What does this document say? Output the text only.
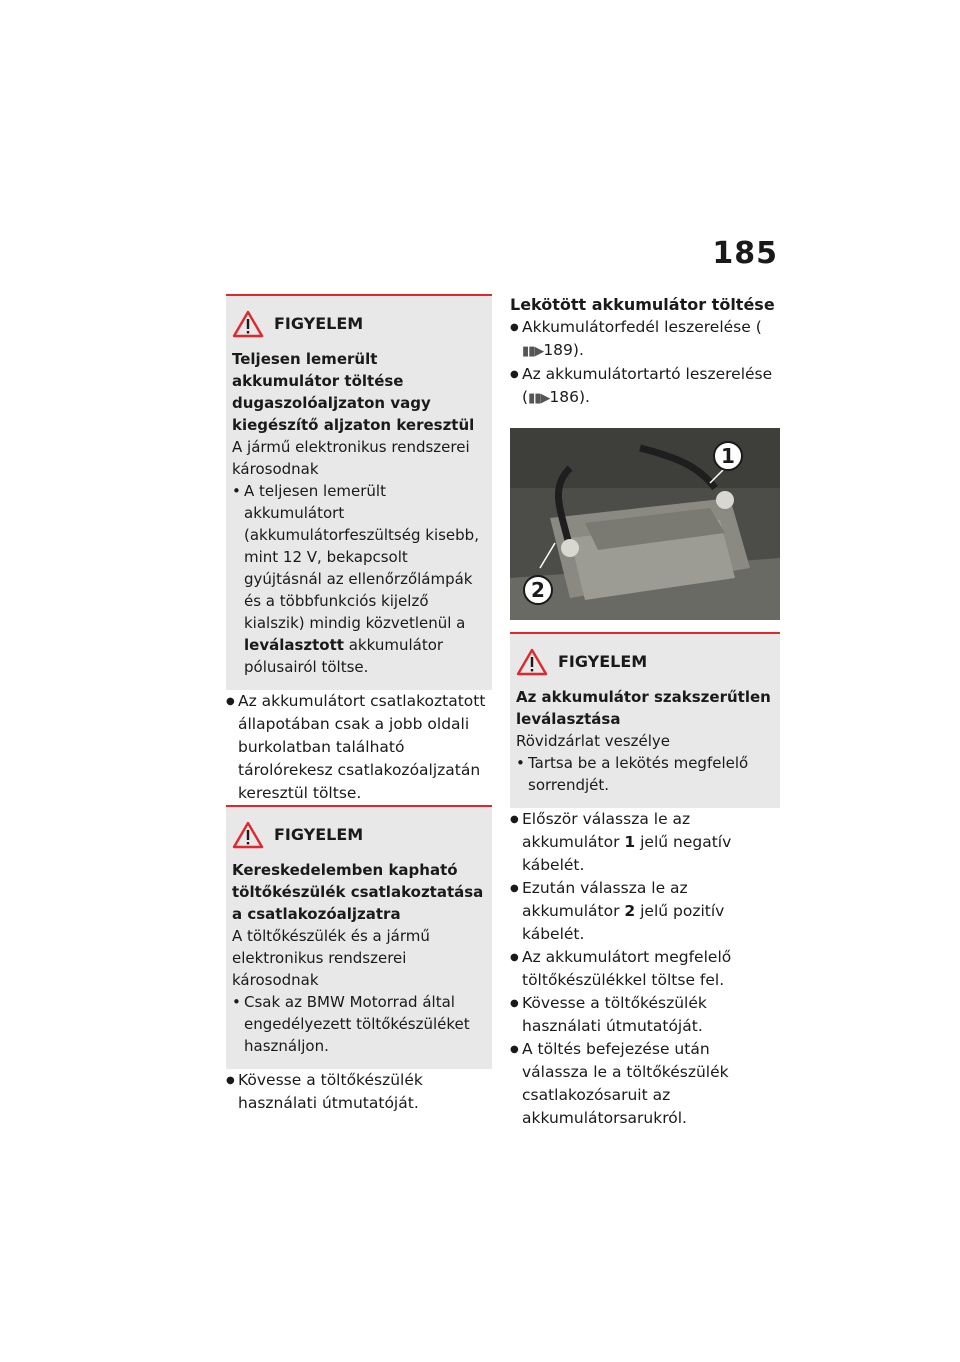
185
FIGYELEM
Teljesen lemerült akkumulátor töltése dugaszolóaljzaton vagy kiegészítő aljzaton keresztül
A jármű elektronikus rendszerei károsodnak
• A teljesen lemerült akkumulátort (akkumulátorfeszültség kisebb, mint 12 V, bekapcsolt gyújtásnál az ellenőrzőlámpák és a többfunkciós kijelző kialszik) mindig közvetlenül a leválasztott akkumulátor pólusairól töltse.
● Az akkumulátort csatlakoztatott állapotában csak a jobb oldali burkolatban található tárolórekesz csatlakozóaljzatán keresztül töltse.
FIGYELEM
Kereskedelemben kapható töltőkészülék csatlakoztatása a csatlakozóaljzatra
A töltőkészülék és a jármű elektronikus rendszerei károsodnak
• Csak az BMW Motorrad által engedélyezett töltőkészüléket használjon.
● Kövesse a töltőkészülék használati útmutatóját.
Lekötött akkumulátor töltése
● Akkumulátorfedél leszerelése (▮▮▶189).
● Az akkumulátortartó leszerelése (▮▮▶186).
1
2
FIGYELEM
Az akkumulátor szakszerűtlen leválasztása
Rövidzárlat veszélye
• Tartsa be a lekötés megfelelő sorrendjét.
● Először válassza le az akkumulátor 1 jelű negatív kábelét.
● Ezután válassza le az akkumulátor 2 jelű pozitív kábelét.
● Az akkumulátort megfelelő töltőkészülékkel töltse fel.
● Kövesse a töltőkészülék használati útmutatóját.
● A töltés befejezése után válassza le a töltőkészülék csatlakozósaruit az akkumulátorsarukról.
